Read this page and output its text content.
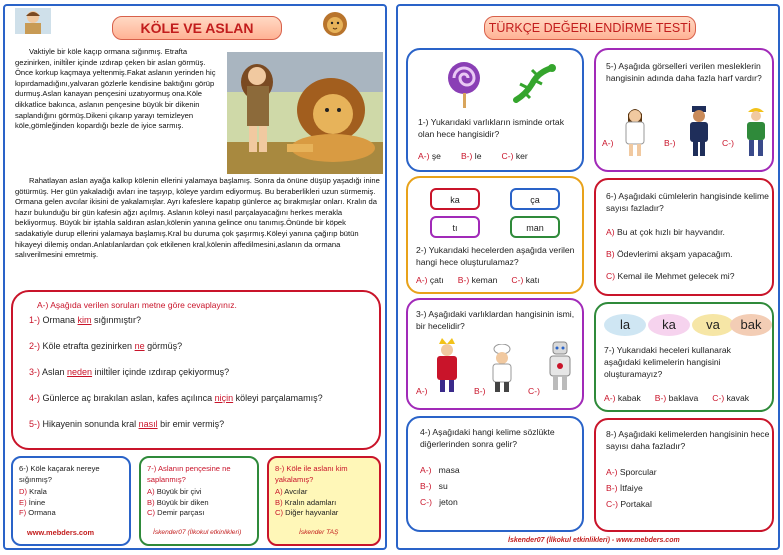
KÖLE VE ASLAN

Vaktiyle bir köle kaçıp ormana sığınmış. Etrafta gezinirken, inilti̇ler içinde ızdırap çeken bir aslan görmüş. Önce korkup kaçmaya yeltenmiş.Fakat aslanın yerinden hiç kıpırdamadığını,yalvaran gözlerle kendisine baktığını görüp durmuş.Aslan kanayan pençesini uzatıyormuş ona.Köle dikkatlice bakınca, aslanın pençesine büyük bir dikenin saplandığını görmüş.Dikeni çıkarıp yarayı temizleyen köle,gömleğinden kopardığı bezle de iyice sarmış.

Rahatlayan aslan ayağa kalkıp kölenin ellerini yalamaya başlamış. Sonra da önüne düşüp yaşadığı inine götürmüş. Her gün yakaladığı avları ine taşıyıp, köleye yardım ediyormuş. Bu beraberlikleri uzun sürmemiş. Ormana gelen avcılar ikisini de yakalamışlar. Ayrı kafeslere kapatıp günlerce aç bırakmışlar onları. Kralın da hazır bulunduğu bir gün kafesin ağzı açılmış. Aslanın köleyi nasıl parçalayacağını herkes merakla bekliyormuş. Büyük bir iştahla saldıran aslan,kölenin yanına gelince onu tanımış.Önünde bir köpek sadakatiyle durup ellerini yalamaya başlamış.Kral bu duruma çok şaşırmış.Köleyi yanına çağırıp bütün hikayeyi dilemiş ondan.Anlatılanlardan çok etkilenen kral,kölenin affedilmesini,aslanın da ormana salıverilmesini emretmiş.

A-) Aşağıda verilen soruları metne göre cevaplayınız.
1-) Ormana kim sığınmıştır?
2-) Köle etrafta gezinirken ne görmüş?
3-) Aslan neden inilti̇ler içinde ızdırap çekiyormuş?
4-) Günlerce aç bırakılan aslan, kafes açılınca niçin köleyi parçalamamış?
5-) Hikayenin sonunda kral nasıl bir emir vermiş?
6-) Köle kaçarak nereye sığınmış?
D) Krala
E) İnine
F) Ormana
www.mebders.com
7-) Aslanın pençesine ne saplanmış?
A) Büyük bir çivi
B) Büyük bir diken
C) Demir parçası
İskender07 (İlkokul etkinlikleri)
8-) Köle ile aslanı kim yakalamış?
A) Avcılar
B) Kralın adamları
C) Diğer hayvanlar
İskender TAŞ
TÜRKÇE DEĞERLENDİRME TESTİ
1-) Yukarıdaki varlıkların isminde ortak olan hece hangisidir?
A-) şe B-) le C-) ker
ka	ça
tı	man
2-) Yukarıdaki hecelerden aşağıda verilen hangi hece oluşturulamaz?
A-) çatı B-) keman C-) katı
3-) Aşağıdaki varlıklardan hangisinin ismi, bir hecelidir?
A-)	B-)	C-)
4-) Aşağıdaki hangi kelime sözlükte diğerlerinden sonra gelir?
A-) masa
B-) su
C-) jeton
5-) Aşağıda görselleri verilen mesleklerin hangisinin adında daha fazla harf vardır?
A-)	B-)	C-)
6-) Aşağıdaki cümlelerin hangisinde kelime sayısı fazladır?
A) Bu at çok hızlı bir hayvandır.
B) Ödevlerimi akşam yapacağım.
C) Kemal ile Mehmet gelecek mi?
la	ka	va	bak
7-) Yukarıdaki heceleri kullanarak aşağıdaki kelimelerin hangisini oluşturamayız?
A-) kabak B-) baklava C-) kavak
8-) Aşağıdaki kelimelerden hangisinin hece sayısı daha fazladır?
A-) Sporcular
B-) İtfaiye
C-) Portakal
İskender07 (İlkokul etkinlikleri) - www.mebders.com
